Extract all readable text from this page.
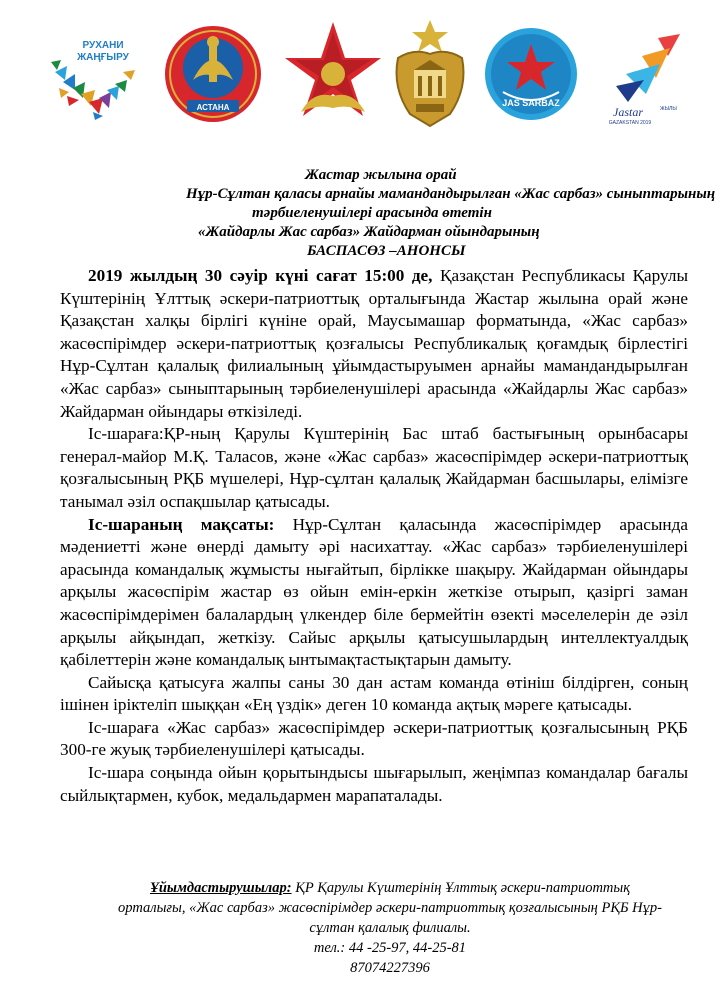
РУХАНИ
ЖАҢҒЫРУ
АСТАНА	JAS SARBAZ
Jastar	ЖЫЛЫ
GAZAKSTAN 2019
Жастар жылына орай
Нұр-Сұлтан қаласы арнайы мамандандырылған «Жас сарбаз» сыныптарының
тәрбиеленушілері арасында өтетін
«Жайдарлы Жас сарбаз» Жайдарман ойындарының
БАСПАСӨЗ –АНОНСЫ

2019 жылдың 30 сәуір күні сағат 15:00 де, Қазақстан Республикасы Қарулы Күштерінің Ұлттық әскери-патриоттық орталығында Жастар жылына орай және Қазақстан халқы бірлігі күніне орай, Маусымашар форматында, «Жас сарбаз» жасөспірімдер әскери-патриоттық қозғалысы Республикалық қоғамдық бірлестігі Нұр-Сұлтан қалалық филиалының ұйымдастыруымен арнайы мамандандырылған «Жас сарбаз» сыныптарының тәрбиеленушілері арасында «Жайдарлы Жас сарбаз» Жайдарман ойындары өткізіледі.

Іс-шараға:ҚР-ның Қарулы Күштерінің Бас штаб бастығының орынбасары генерал-майор М.Қ. Таласов, және «Жас сарбаз» жасөспірімдер әскери-патриоттық қозғалысының РҚБ мүшелері, Нұр-сұлтан қалалық Жайдарман басшылары, елімізге танымал әзіл оспақшылар қатысады.

Іс-шараның мақсаты: Нұр-Сұлтан қаласында жасөспірімдер арасында мәдениетті және өнерді дамыту әрі насихаттау. «Жас сарбаз» тәрбиеленушілері арасында командалық жұмысты нығайтып, бірлікке шақыру. Жайдарман ойындары арқылы жасөспірім жастар өз ойын емін-еркін жеткізе отырып, қазіргі заман жасөспірімдерімен балалардың үлкендер біле бермейтін өзекті мәселелерін де әзіл арқылы айқындап, жеткізу. Сайыс арқылы қатысушылардың интеллектуалдық қабілеттерін және командалық ынтымақтастықтарын дамыту.

Сайысқа қатысуға жалпы саны 30 дан астам команда өтініш білдірген, соның ішінен іріктеліп шыққан «Ең үздік» деген 10 команда ақтық мәреге қатысады.

Іс-шараға «Жас сарбаз» жасөспірімдер әскери-патриоттық қозғалысының РҚБ 300-ге жуық тәрбиеленушілері қатысады.

Іс-шара соңында ойын қорытындысы шығарылып, жеңімпаз командалар бағалы сыйлықтармен, кубок, медальдармен марапаталады.

Ұйымдастырушылар: ҚР Қарулы Күштерінің Ұлттық әскери-патриоттық
орталығы, «Жас сарбаз» жасөспірімдер әскери-патриоттық қозғалысының РҚБ Нұр-
сұлтан қалалық филиалы.
тел.: 44 -25-97, 44-25-81
87074227396
